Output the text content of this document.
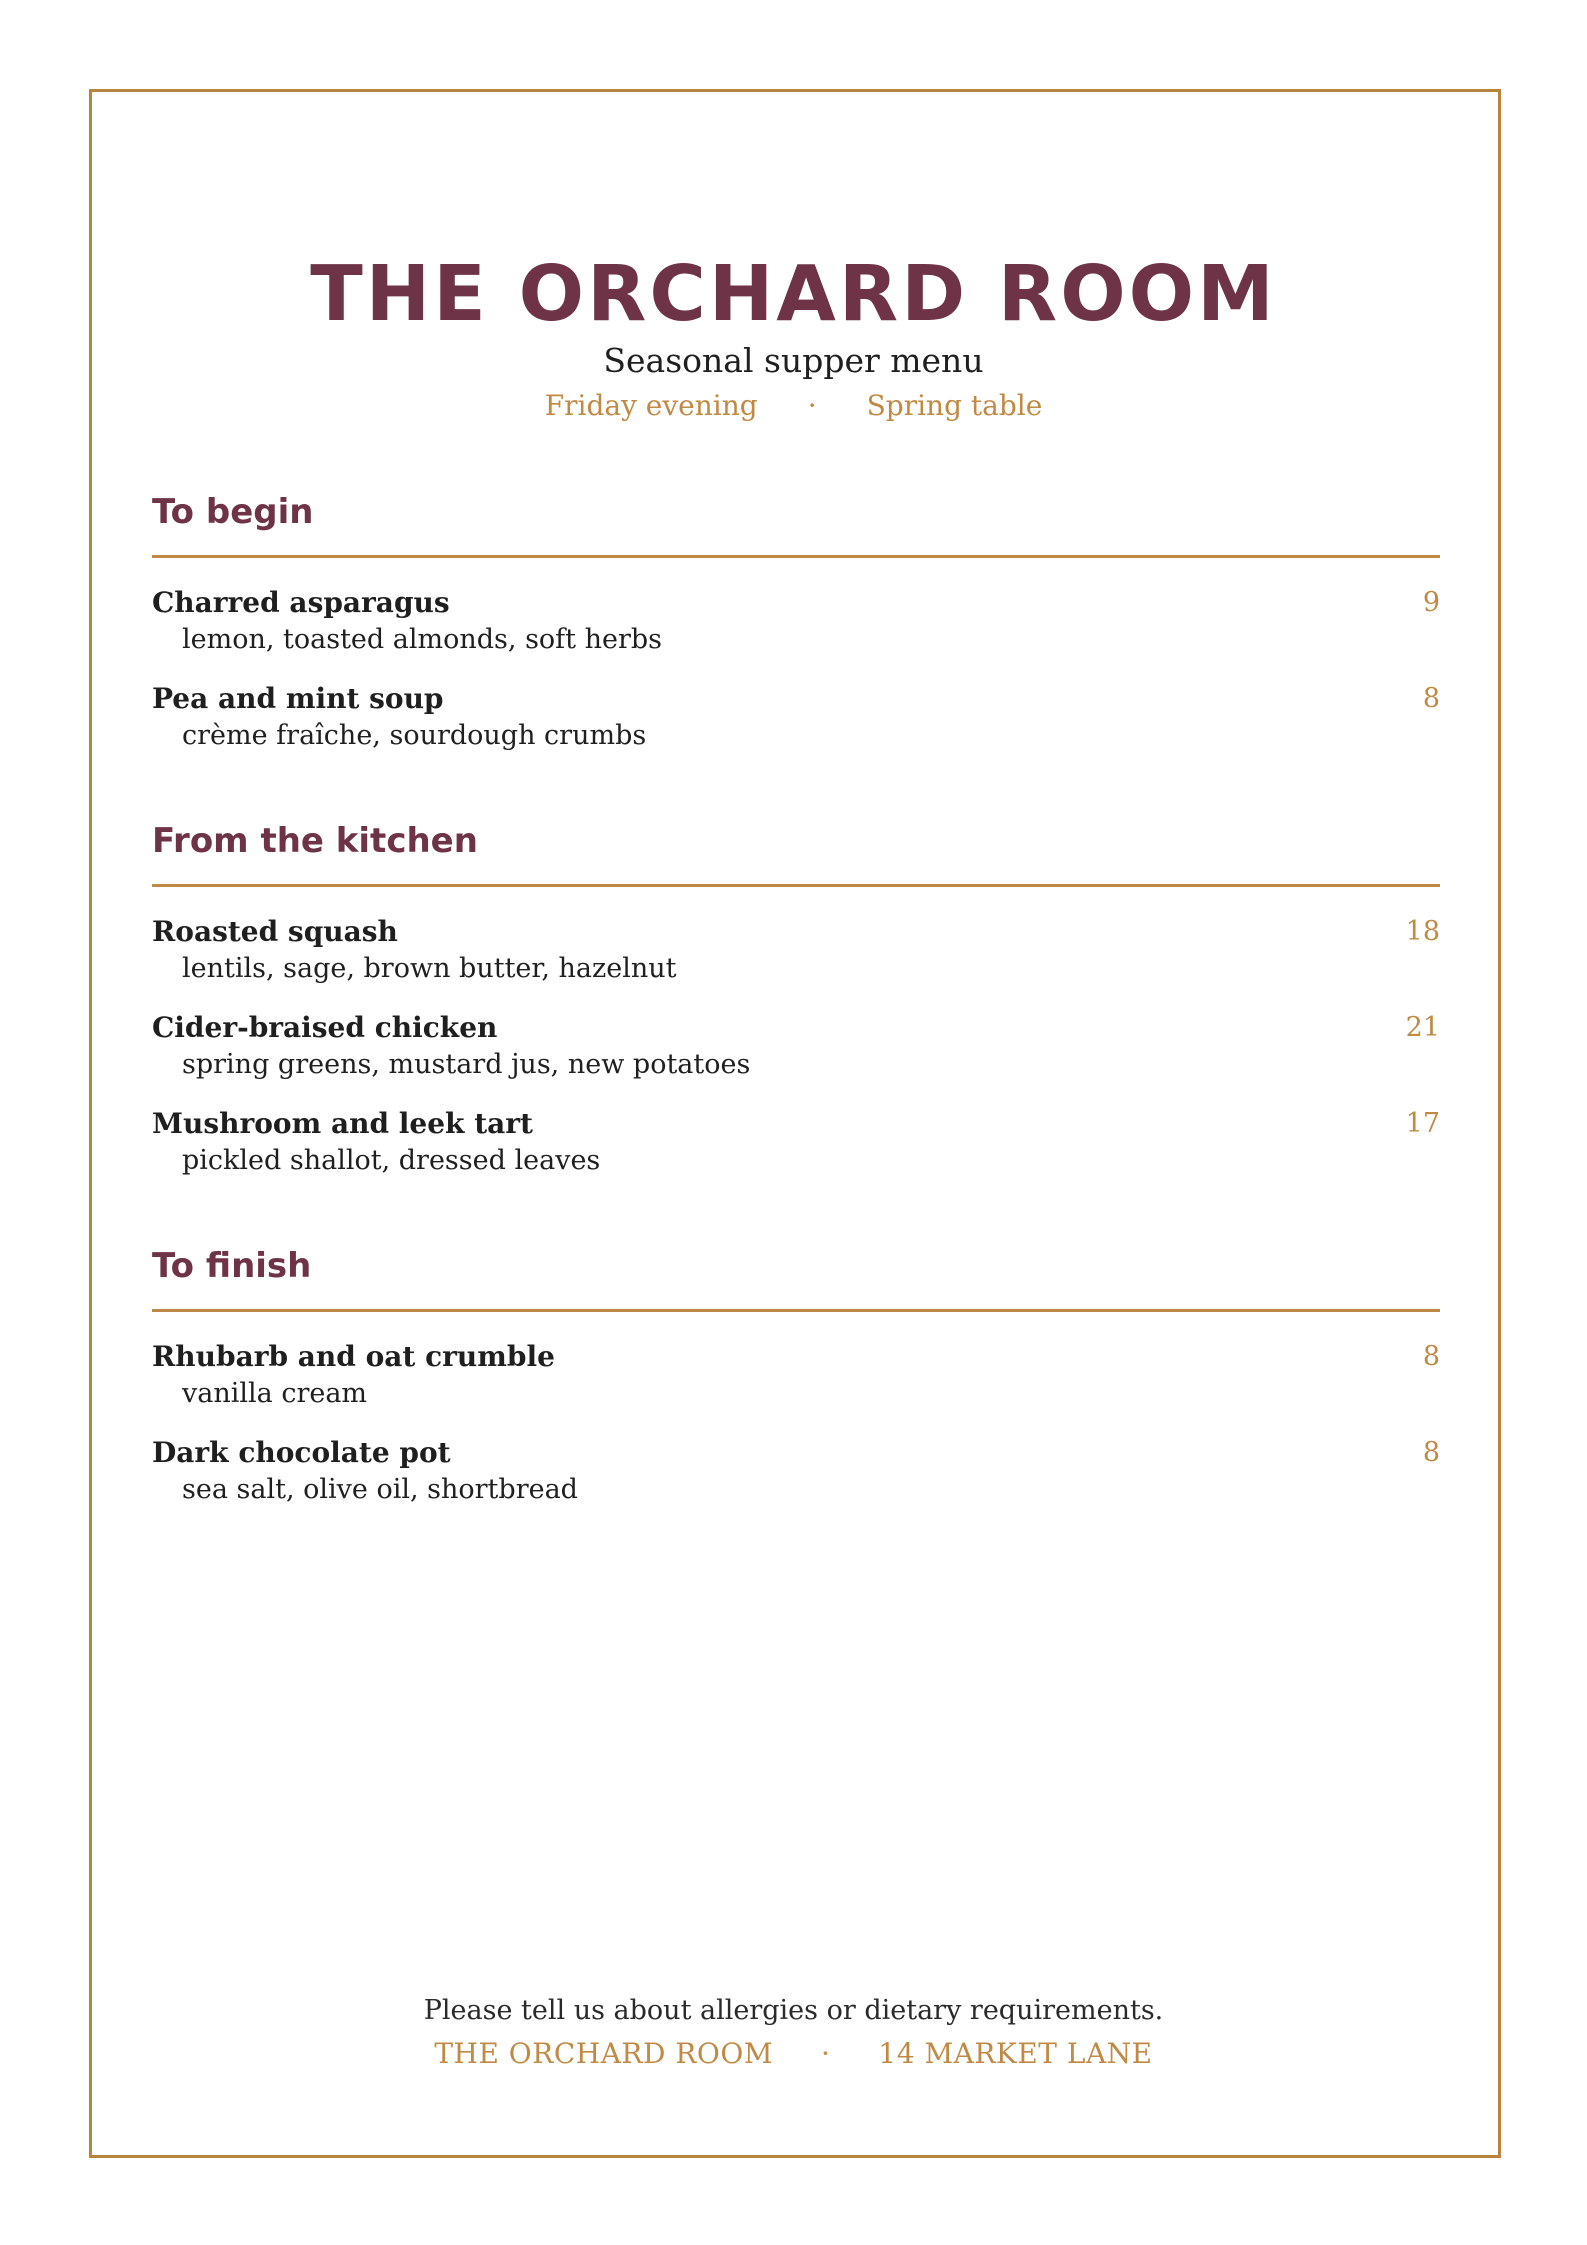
THE ORCHARD ROOM
Seasonal supper menu
Friday evening · Spring table
To begin
Charred asparagus
lemon, toasted almonds, soft herbs
9
Pea and mint soup
crème fraîche, sourdough crumbs
8
From the kitchen
Roasted squash
lentils, sage, brown butter, hazelnut
18
Cider-braised chicken
spring greens, mustard jus, new potatoes
21
Mushroom and leek tart
pickled shallot, dressed leaves
17
To finish
Rhubarb and oat crumble
vanilla cream
8
Dark chocolate pot
sea salt, olive oil, shortbread
8
Please tell us about allergies or dietary requirements.
THE ORCHARD ROOM · 14 MARKET LANE
